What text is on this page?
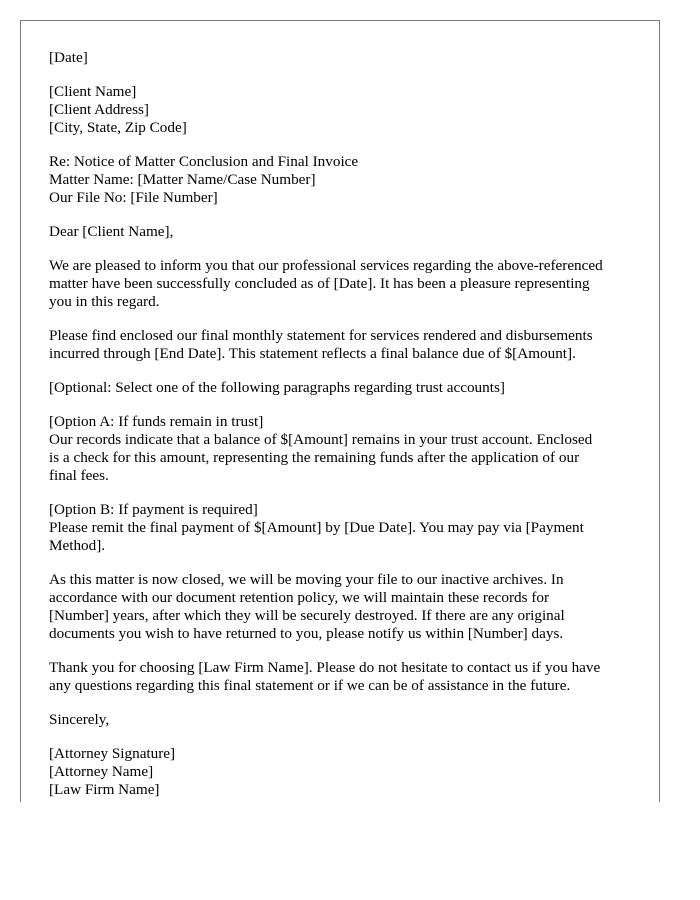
[Date]
[Client Name]
[Client Address]
[City, State, Zip Code]
Re: Notice of Matter Conclusion and Final Invoice
Matter Name: [Matter Name/Case Number]
Our File No: [File Number]
Dear [Client Name],
We are pleased to inform you that our professional services regarding the above-referenced
matter have been successfully concluded as of [Date]. It has been a pleasure representing
you in this regard.
Please find enclosed our final monthly statement for services rendered and disbursements
incurred through [End Date]. This statement reflects a final balance due of $[Amount].
[Optional: Select one of the following paragraphs regarding trust accounts]
[Option A: If funds remain in trust]
Our records indicate that a balance of $[Amount] remains in your trust account. Enclosed
is a check for this amount, representing the remaining funds after the application of our
final fees.
[Option B: If payment is required]
Please remit the final payment of $[Amount] by [Due Date]. You may pay via [Payment
Method].
As this matter is now closed, we will be moving your file to our inactive archives. In
accordance with our document retention policy, we will maintain these records for
[Number] years, after which they will be securely destroyed. If there are any original
documents you wish to have returned to you, please notify us within [Number] days.
Thank you for choosing [Law Firm Name]. Please do not hesitate to contact us if you have
any questions regarding this final statement or if we can be of assistance in the future.
Sincerely,
[Attorney Signature]
[Attorney Name]
[Law Firm Name]
